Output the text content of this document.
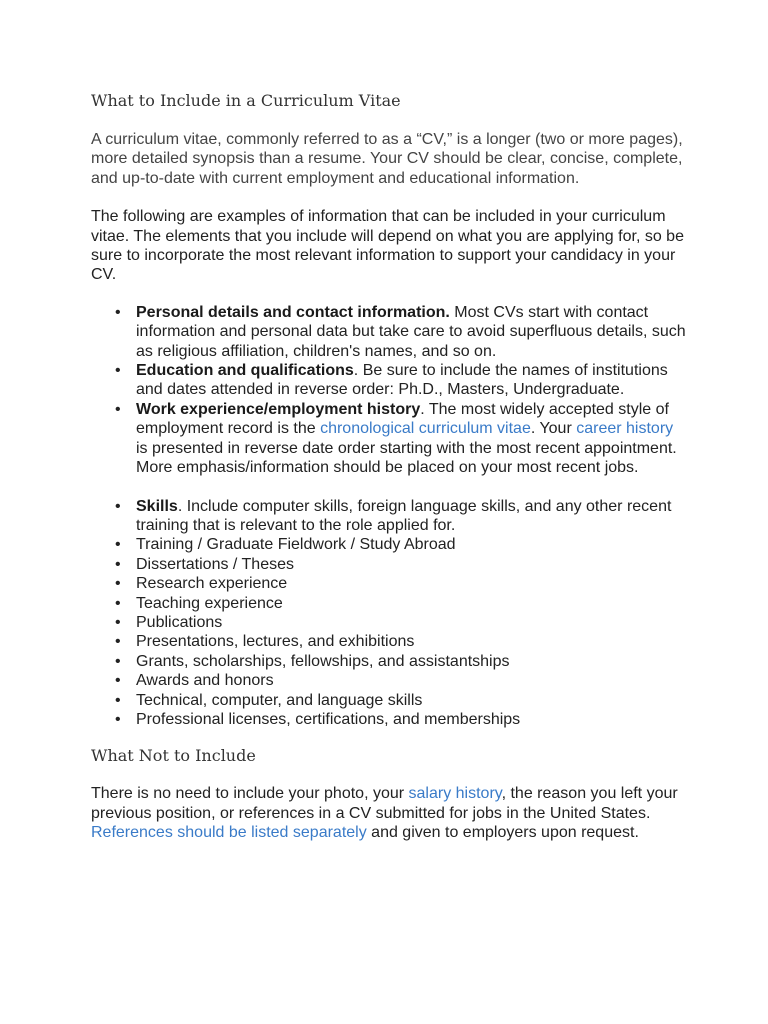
What to Include in a Curriculum Vitae

A curriculum vitae, commonly referred to as a “CV,” is a longer (two or more pages), more detailed synopsis than a resume. Your CV should be clear, concise, complete, and up-to-date with current employment and educational information.

The following are examples of information that can be included in your curriculum vitae. The elements that you include will depend on what you are applying for, so be sure to incorporate the most relevant information to support your candidacy in your CV.

• Personal details and contact information. Most CVs start with contact information and personal data but take care to avoid superfluous details, such as religious affiliation, children's names, and so on.
• Education and qualifications. Be sure to include the names of institutions and dates attended in reverse order: Ph.D., Masters, Undergraduate.
• Work experience/employment history. The most widely accepted style of employment record is the chronological curriculum vitae. Your career history is presented in reverse date order starting with the most recent appointment. More emphasis/information should be placed on your most recent jobs.
• Skills. Include computer skills, foreign language skills, and any other recent training that is relevant to the role applied for.
• Training / Graduate Fieldwork / Study Abroad
• Dissertations / Theses
• Research experience
• Teaching experience
• Publications
• Presentations, lectures, and exhibitions
• Grants, scholarships, fellowships, and assistantships
• Awards and honors
• Technical, computer, and language skills
• Professional licenses, certifications, and memberships
What Not to Include

There is no need to include your photo, your salary history, the reason you left your previous position, or references in a CV submitted for jobs in the United States. References should be listed separately and given to employers upon request.
